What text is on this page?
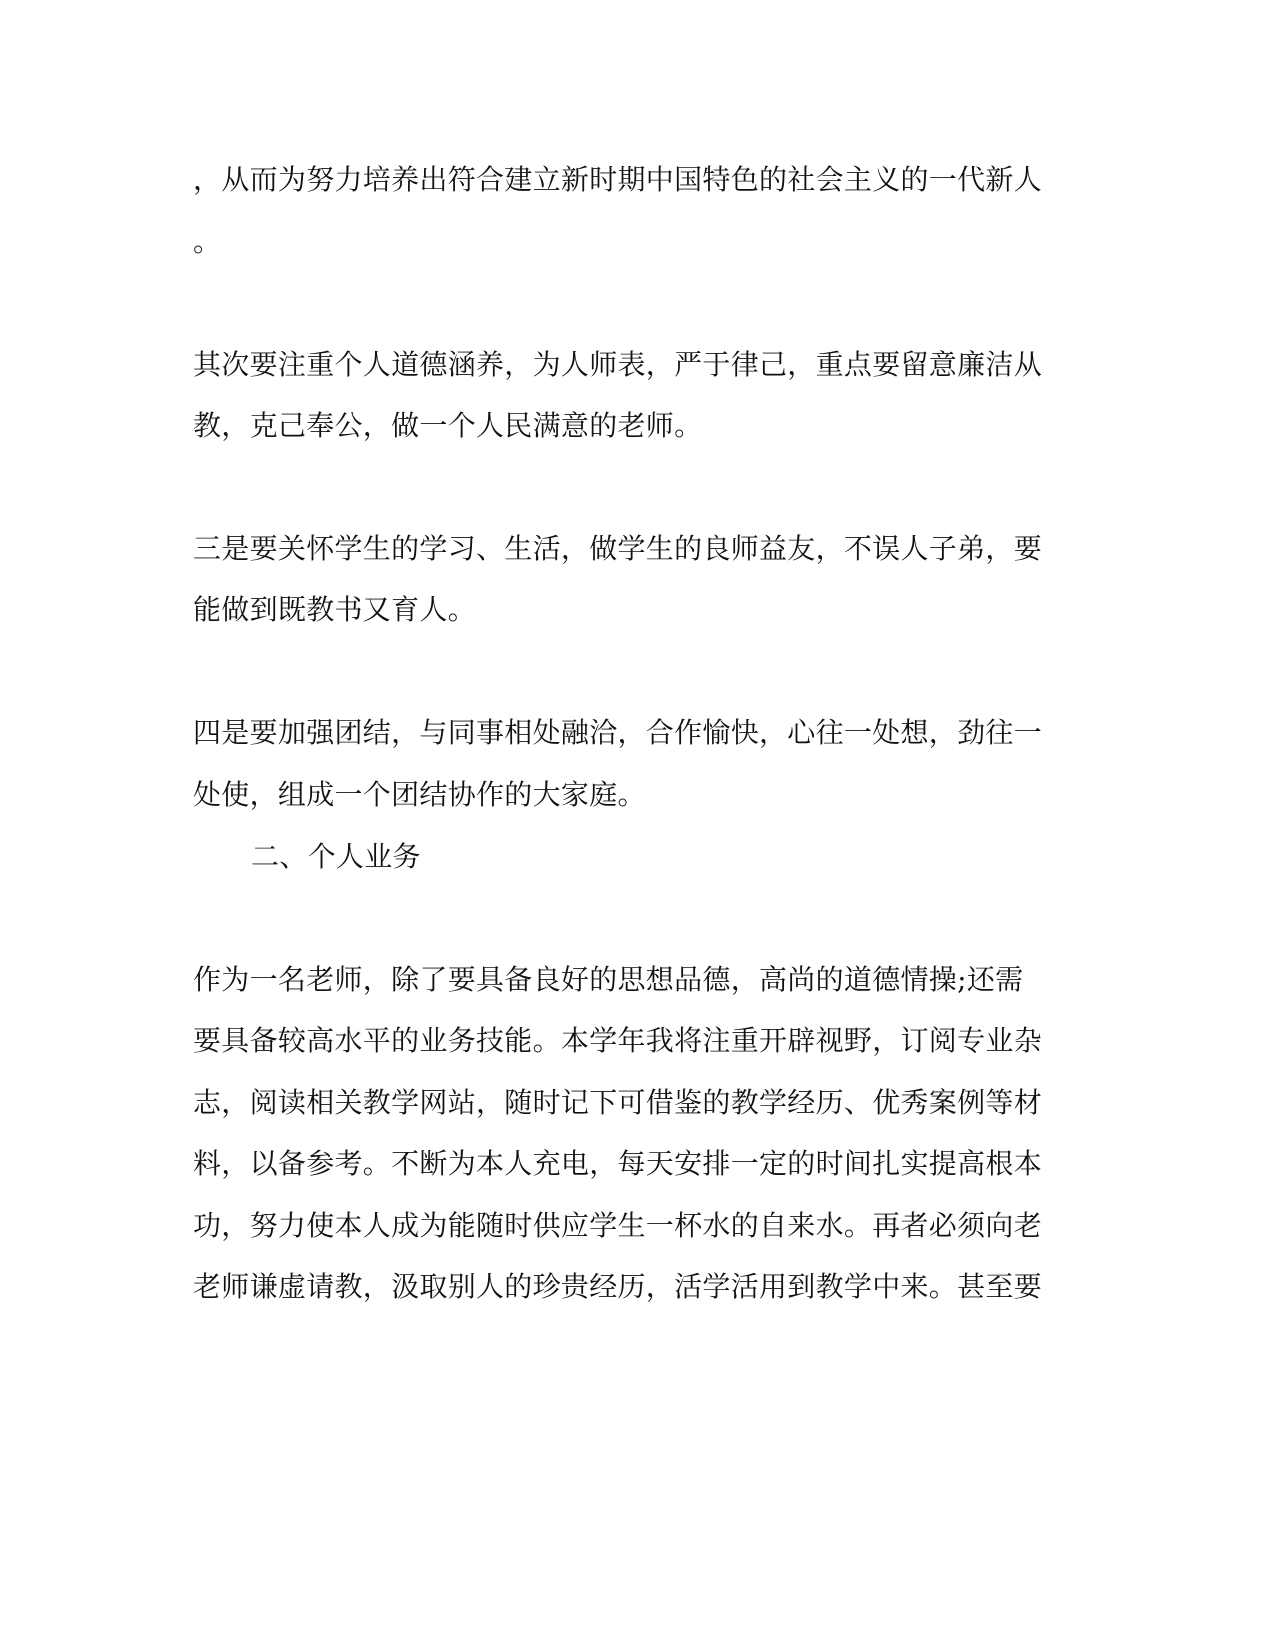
，从而为努力培养出符合建立新时期中国特色的社会主义的一代新人
。
其次要注重个人道德涵养，为人师表，严于律己，重点要留意廉洁从
教，克己奉公，做一个人民满意的老师。
三是要关怀学生的学习、生活，做学生的良师益友，不误人子弟，要
能做到既教书又育人。
四是要加强团结，与同事相处融洽，合作愉快，心往一处想，劲往一
处使，组成一个团结协作的大家庭。
二、个人业务
作为一名老师，除了要具备良好的思想品德，高尚的道德情操;还需
要具备较高水平的业务技能。本学年我将注重开辟视野，订阅专业杂
志，阅读相关教学网站，随时记下可借鉴的教学经历、优秀案例等材
料，以备参考。不断为本人充电，每天安排一定的时间扎实提高根本
功，努力使本人成为能随时供应学生一杯水的自来水。再者必须向老
老师谦虚请教，汲取别人的珍贵经历，活学活用到教学中来。甚至要
